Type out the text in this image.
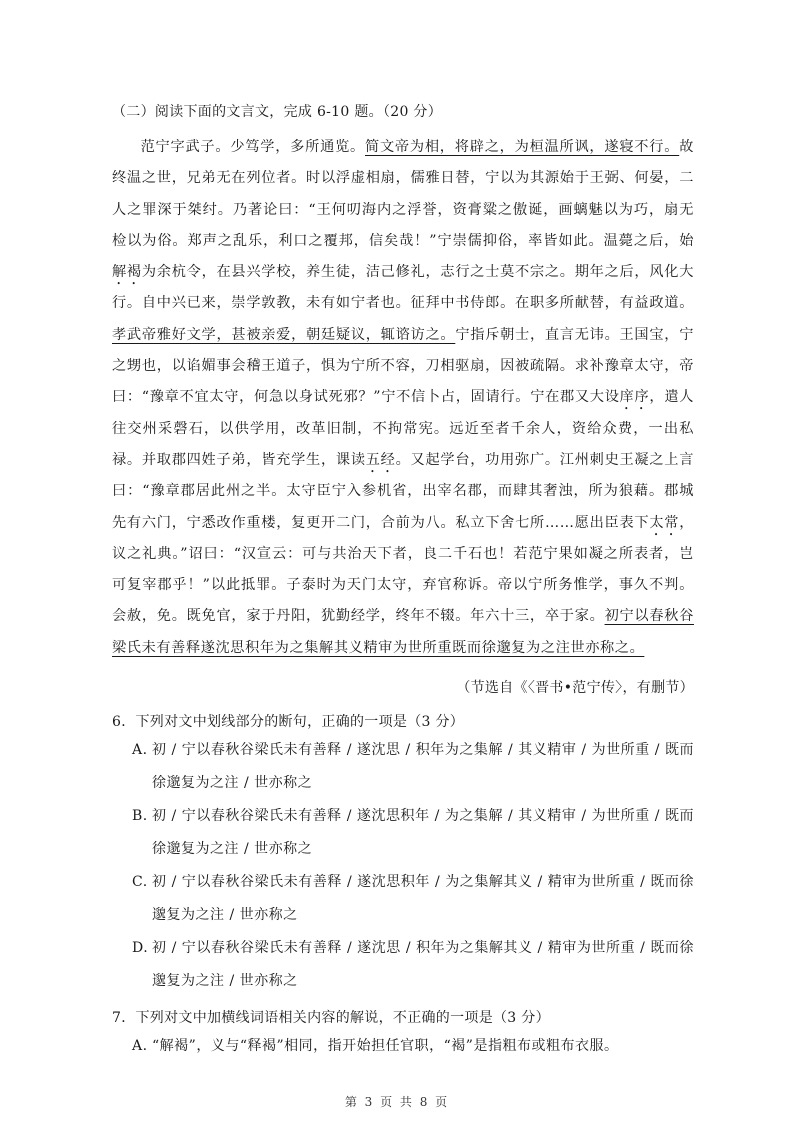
（二）阅读下面的文言文，完成 6-10 题。（20 分）

范宁字武子。少笃学，多所通览。简文帝为相，将辟之，为桓温所讽，遂寝不行。故终温之世，兄弟无在列位者。时以浮虚相扇，儒雅日替，宁以为其源始于王弼、何晏，二人之罪深于桀纣。乃著论曰：“王何叨海内之浮誉，资膏粱之傲诞，画螭魅以为巧，扇无检以为俗。郑声之乱乐，利口之覆邦，信矣哉！”宁崇儒抑俗，率皆如此。温薨之后，始解褐为余杭令，在县兴学校，养生徒，洁己修礼，志行之士莫不宗之。期年之后，风化大行。自中兴已来，崇学敦教，未有如宁者也。征拜中书侍郎。在职多所献替，有益政道。孝武帝雅好文学，甚被亲爱，朝廷疑议，辄谘访之。宁指斥朝士，直言无讳。王国宝，宁之甥也，以谄媚事会稽王道子，惧为宁所不容，刀相驱扇，因被疏隔。求补豫章太守，帝曰：“豫章不宜太守，何急以身试死邪？”宁不信卜占，固请行。宁在郡又大设庠序，遣人往交州采磬石，以供学用，改革旧制，不拘常宪。远近至者千余人，资给众费，一出私禄。并取郡四姓子弟，皆充学生，课读五经。又起学台，功用弥广。江州刺史王凝之上言曰：“豫章郡居此州之半。太守臣宁入参机省，出宰名郡，而肆其奢浊，所为狼藉。郡城先有六门，宁悉改作重楼，复更开二门，合前为八。私立下舍七所……愿出臣表下太常，议之礼典。”诏曰：“汉宣云：可与共治天下者，良二千石也！若范宁果如凝之所表者，岂可复宰郡乎！”以此抵罪。子泰时为天门太守，弃官称诉。帝以宁所务惟学，事久不判。会赦，免。既免官，家于丹阳，犹勤经学，终年不辍。年六十三，卒于家。初宁以春秋谷梁氏未有善释遂沈思积年为之集解其义精审为世所重既而徐邈复为之注世亦称之。

（节选自《〈晋书•范宁传〉，有删节）
6．下列对文中划线部分的断句，正确的一项是（3 分）
A. 初 / 宁以春秋谷梁氏未有善释 / 遂沈思 / 积年为之集解 / 其义精审 / 为世所重 / 既而徐邈复为之注 / 世亦称之
B. 初 / 宁以春秋谷梁氏未有善释 / 遂沈思积年 / 为之集解 / 其义精审 / 为世所重 / 既而徐邈复为之注 / 世亦称之
C. 初 / 宁以春秋谷梁氏未有善释 / 遂沈思积年 / 为之集解其义 / 精审为世所重 / 既而徐邈复为之注 / 世亦称之
D. 初 / 宁以春秋谷梁氏未有善释 / 遂沈思 / 积年为之集解其义 / 精审为世所重 / 既而徐邈复为之注 / 世亦称之
7．下列对文中加横线词语相关内容的解说，不正确的一项是（3 分）
A. “解褐”，义与“释褐”相同，指开始担任官职，“褐”是指粗布或粗布衣服。
第 3 页 共 8 页
